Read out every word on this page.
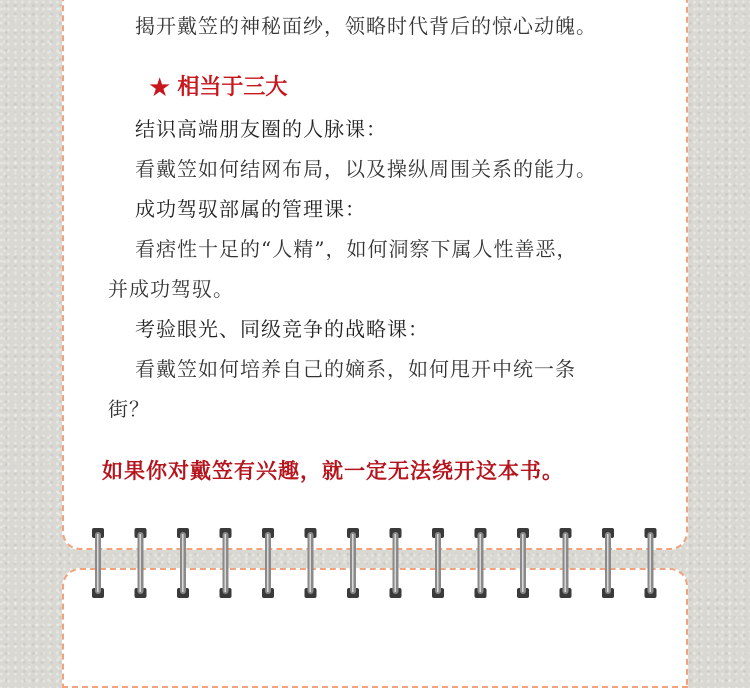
揭开戴笠的神秘面纱，领略时代背后的惊心动魄。
★ 相当于三大
结识高端朋友圈的人脉课：
看戴笠如何结网布局，以及操纵周围关系的能力。
成功驾驭部属的管理课：
看痞性十足的“人精”，如何洞察下属人性善恶，
并成功驾驭。
考验眼光、同级竞争的战略课：
看戴笠如何培养自己的嫡系，如何甩开中统一条
街？
如果你对戴笠有兴趣，就一定无法绕开这本书。
